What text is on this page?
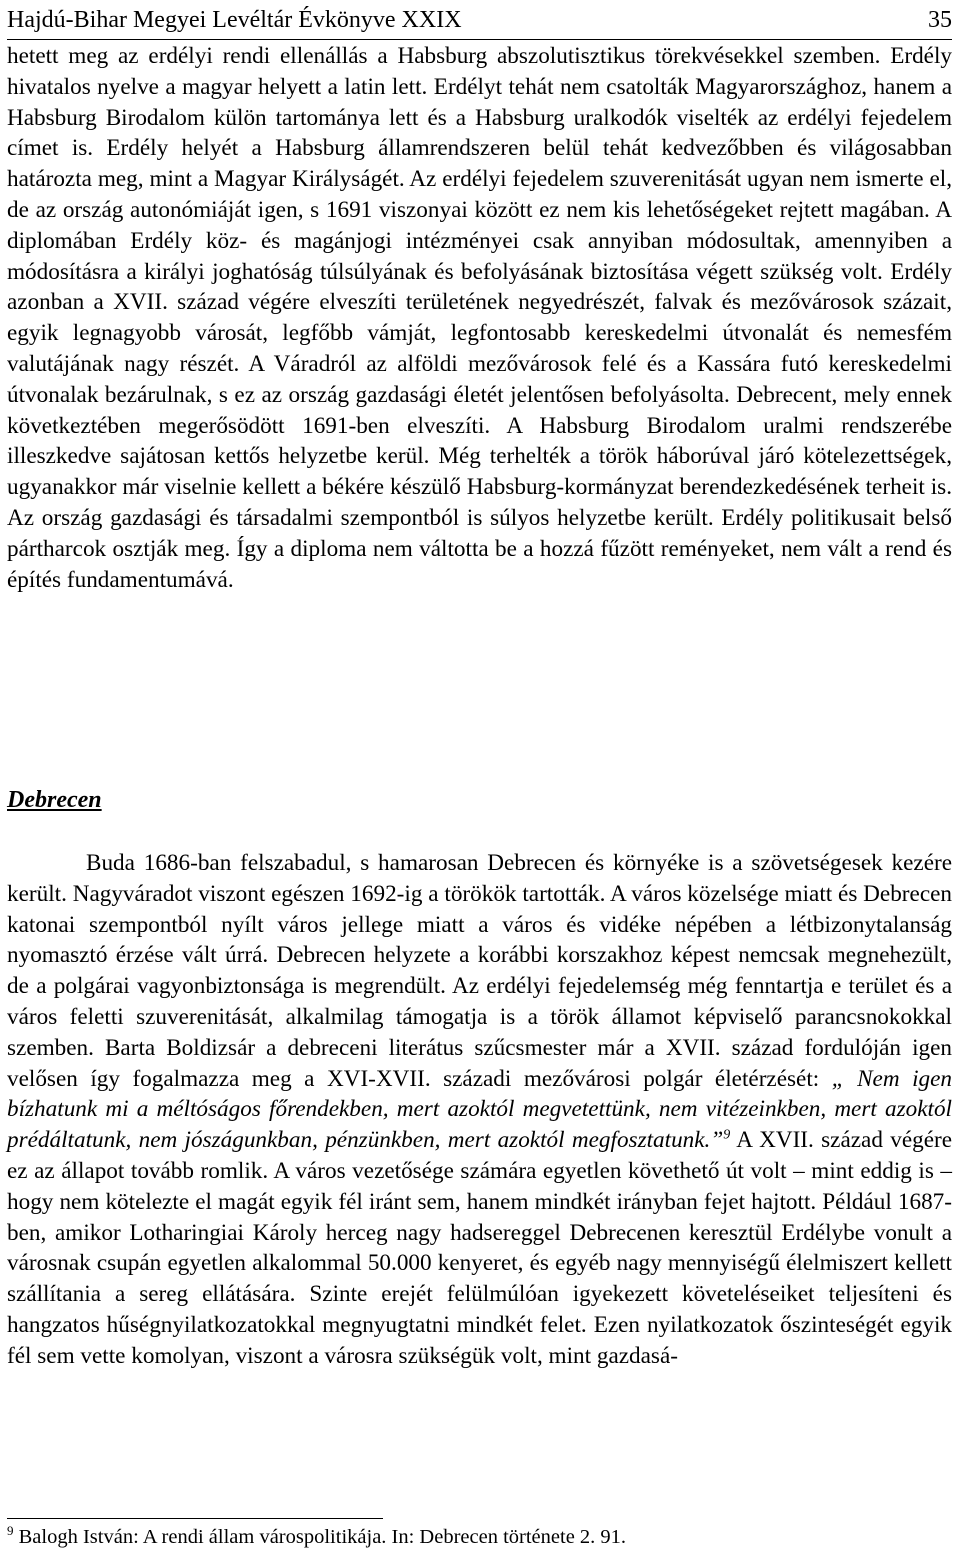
Hajdú-Bihar Megyei Levéltár Évkönyve XXIX	35

hetett meg az erdélyi rendi ellenállás a Habsburg abszolutisztikus törekvésekkel szemben. Erdély hivatalos nyelve a magyar helyett a latin lett. Erdélyt tehát nem csatolták Magyarországhoz, hanem a Habsburg Birodalom külön tartománya lett és a Habsburg uralkodók viselték az erdélyi fejedelem címet is. Erdély helyét a Habsburg államrendszeren belül tehát kedvezőbben és világosabban határozta meg, mint a Magyar Királyságét. Az erdélyi fejedelem szuverenitását ugyan nem ismerte el, de az ország autonómiáját igen, s 1691 viszonyai között ez nem kis lehetőségeket rejtett magában. A diplomában Erdély köz- és magánjogi intézményei csak annyiban módosultak, amennyiben a módosításra a királyi joghatóság túlsúlyának és befolyásának biztosítása végett szükség volt. Erdély azonban a XVII. század végére elveszíti területének negyedrészét, falvak és mezővárosok százait, egyik legnagyobb városát, legfőbb vámját, legfontosabb kereskedelmi útvonalát és nemesfém valutájának nagy részét. A Váradról az alföldi mezővárosok felé és a Kassára futó kereskedelmi útvonalak bezárulnak, s ez az ország gazdasági életét jelentősen befolyásolta. Debrecent, mely ennek következtében megerősödött 1691-ben elveszíti. A Habsburg Birodalom uralmi rendszerébe illeszkedve sajátosan kettős helyzetbe kerül. Még terhelték a török háborúval járó kötelezettségek, ugyanakkor már viselnie kellett a békére készülő Habsburg-kormányzat berendezkedésének terheit is. Az ország gazdasági és társadalmi szempontból is súlyos helyzetbe került. Erdély politikusait belső pártharcok osztják meg. Így a diploma nem váltotta be a hozzá fűzött reményeket, nem vált a rend és építés fundamentumává.

Debrecen

Buda 1686-ban felszabadul, s hamarosan Debrecen és környéke is a szövetségesek kezére került. Nagyváradot viszont egészen 1692-ig a törökök tartották. A város közelsége miatt és Debrecen katonai szempontból nyílt város jellege miatt a város és vidéke népében a létbizonytalanság nyomasztó érzése vált úrrá. Debrecen helyzete a korábbi korszakhoz képest nemcsak megnehezült, de a polgárai vagyonbiztonsága is megrendült. Az erdélyi fejedelemség még fenntartja e terület és a város feletti szuverenitását, alkalmilag támogatja is a török államot képviselő parancsnokokkal szemben. Barta Boldizsár a debreceni literátus szűcsmester már a XVII. század fordulóján igen velősen így fogalmazza meg a XVI-XVII. századi mezővárosi polgár életérzését: „ Nem igen bízhatunk mi a méltóságos főrendekben, mert azoktól megvetettünk, nem vitézeinkben, mert azoktól prédáltatunk, nem jószágunkban, pénzünkben, mert azoktól megfosztatunk.”$^9$ A XVII. század végére ez az állapot tovább romlik. A város vezetősége számára egyetlen követhető út volt – mint eddig is – hogy nem kötelezte el magát egyik fél iránt sem, hanem mindkét irányban fejet hajtott. Például 1687-ben, amikor Lotharingiai Károly herceg nagy hadsereggel Debrecenen keresztül Erdélybe vonult a városnak csupán egyetlen alkalommal 50.000 kenyeret, és egyéb nagy mennyiségű élelmiszert kellett szállítania a sereg ellátására. Szinte erejét felülmúlóan igyekezett követeléseiket teljesíteni és hangzatos hűségnyilatkozatokkal megnyugtatni mindkét felet. Ezen nyilatkozatok őszinteségét egyik fél sem vette komolyan, viszont a városra szükségük volt, mint gazdasá-

$^9$ Balogh István: A rendi állam várospolitikája. In: Debrecen története 2. 91.
